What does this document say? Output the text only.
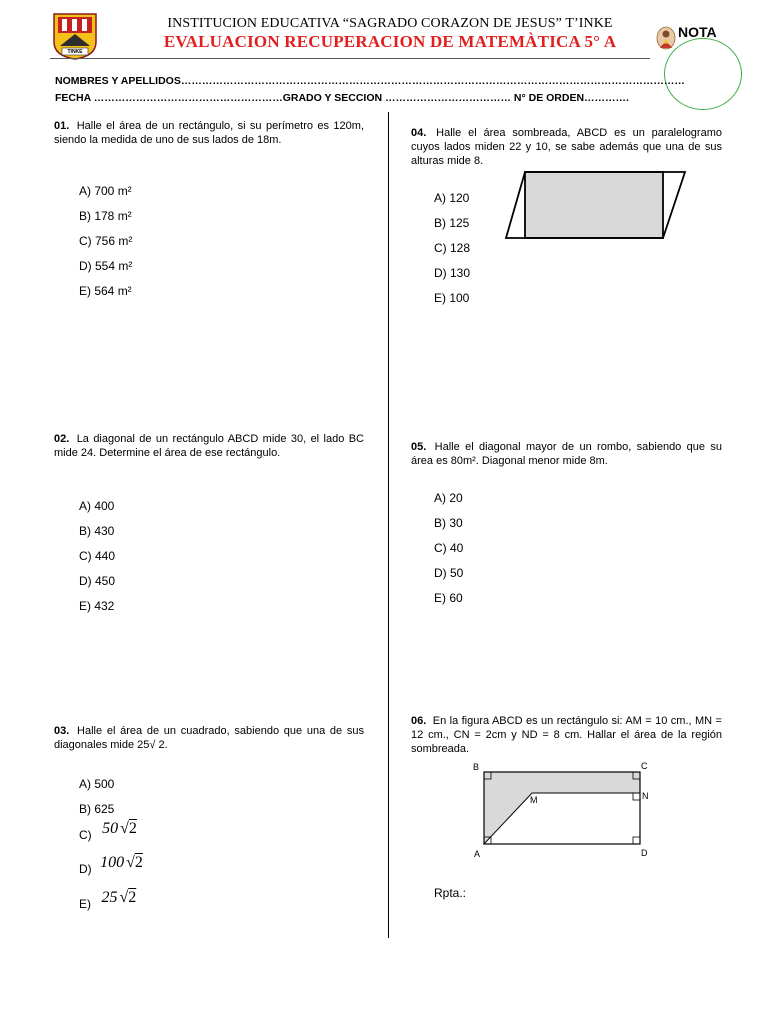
TINKE
INSTITUCION EDUCATIVA “SAGRADO CORAZON DE JESUS” T’INKE
EVALUACION RECUPERACION DE MATEMÀTICA 5° A	NOTA
NOMBRES Y APELLIDOS………………………………………………………………………………………………………………………………
FECHA ………………………………………………GRADO Y SECCION ……………………………… N° DE ORDEN………….
01. Halle el área de un rectángulo, si su perímetro es 120m, siendo la medida de uno de sus lados de 18m.
A) 700 m²
B) 178 m²
C) 756 m²
D) 554 m²
E) 564 m²
02. La diagonal de un rectángulo ABCD mide 30, el lado BC mide 24. Determine el área de ese rectángulo.
A) 400
B) 430
C) 440
D) 450
E) 432
03. Halle el área de un cuadrado, sabiendo que una de sus diagonales mide 25√ 2.
A) 500
B) 625
C) 50 √2
D) 100 √2
E) 25 √2
04. Halle el área sombreada, ABCD es un paralelogramo cuyos lados miden 22 y 10, se sabe además que una de sus alturas mide 8.
A) 120
B) 125
C) 128
D) 130
E) 100
05. Halle el diagonal mayor de un rombo, sabiendo que su área es 80m². Diagonal menor mide 8m.
A) 20
B) 30
C) 40
D) 50
E) 60
06. En la figura ABCD es un rectángulo si: AM = 10 cm., MN = 12 cm., CN = 2cm y ND = 8 cm. Hallar el área de la región sombreada.
B	C
N
M
A	D
Rpta.:
